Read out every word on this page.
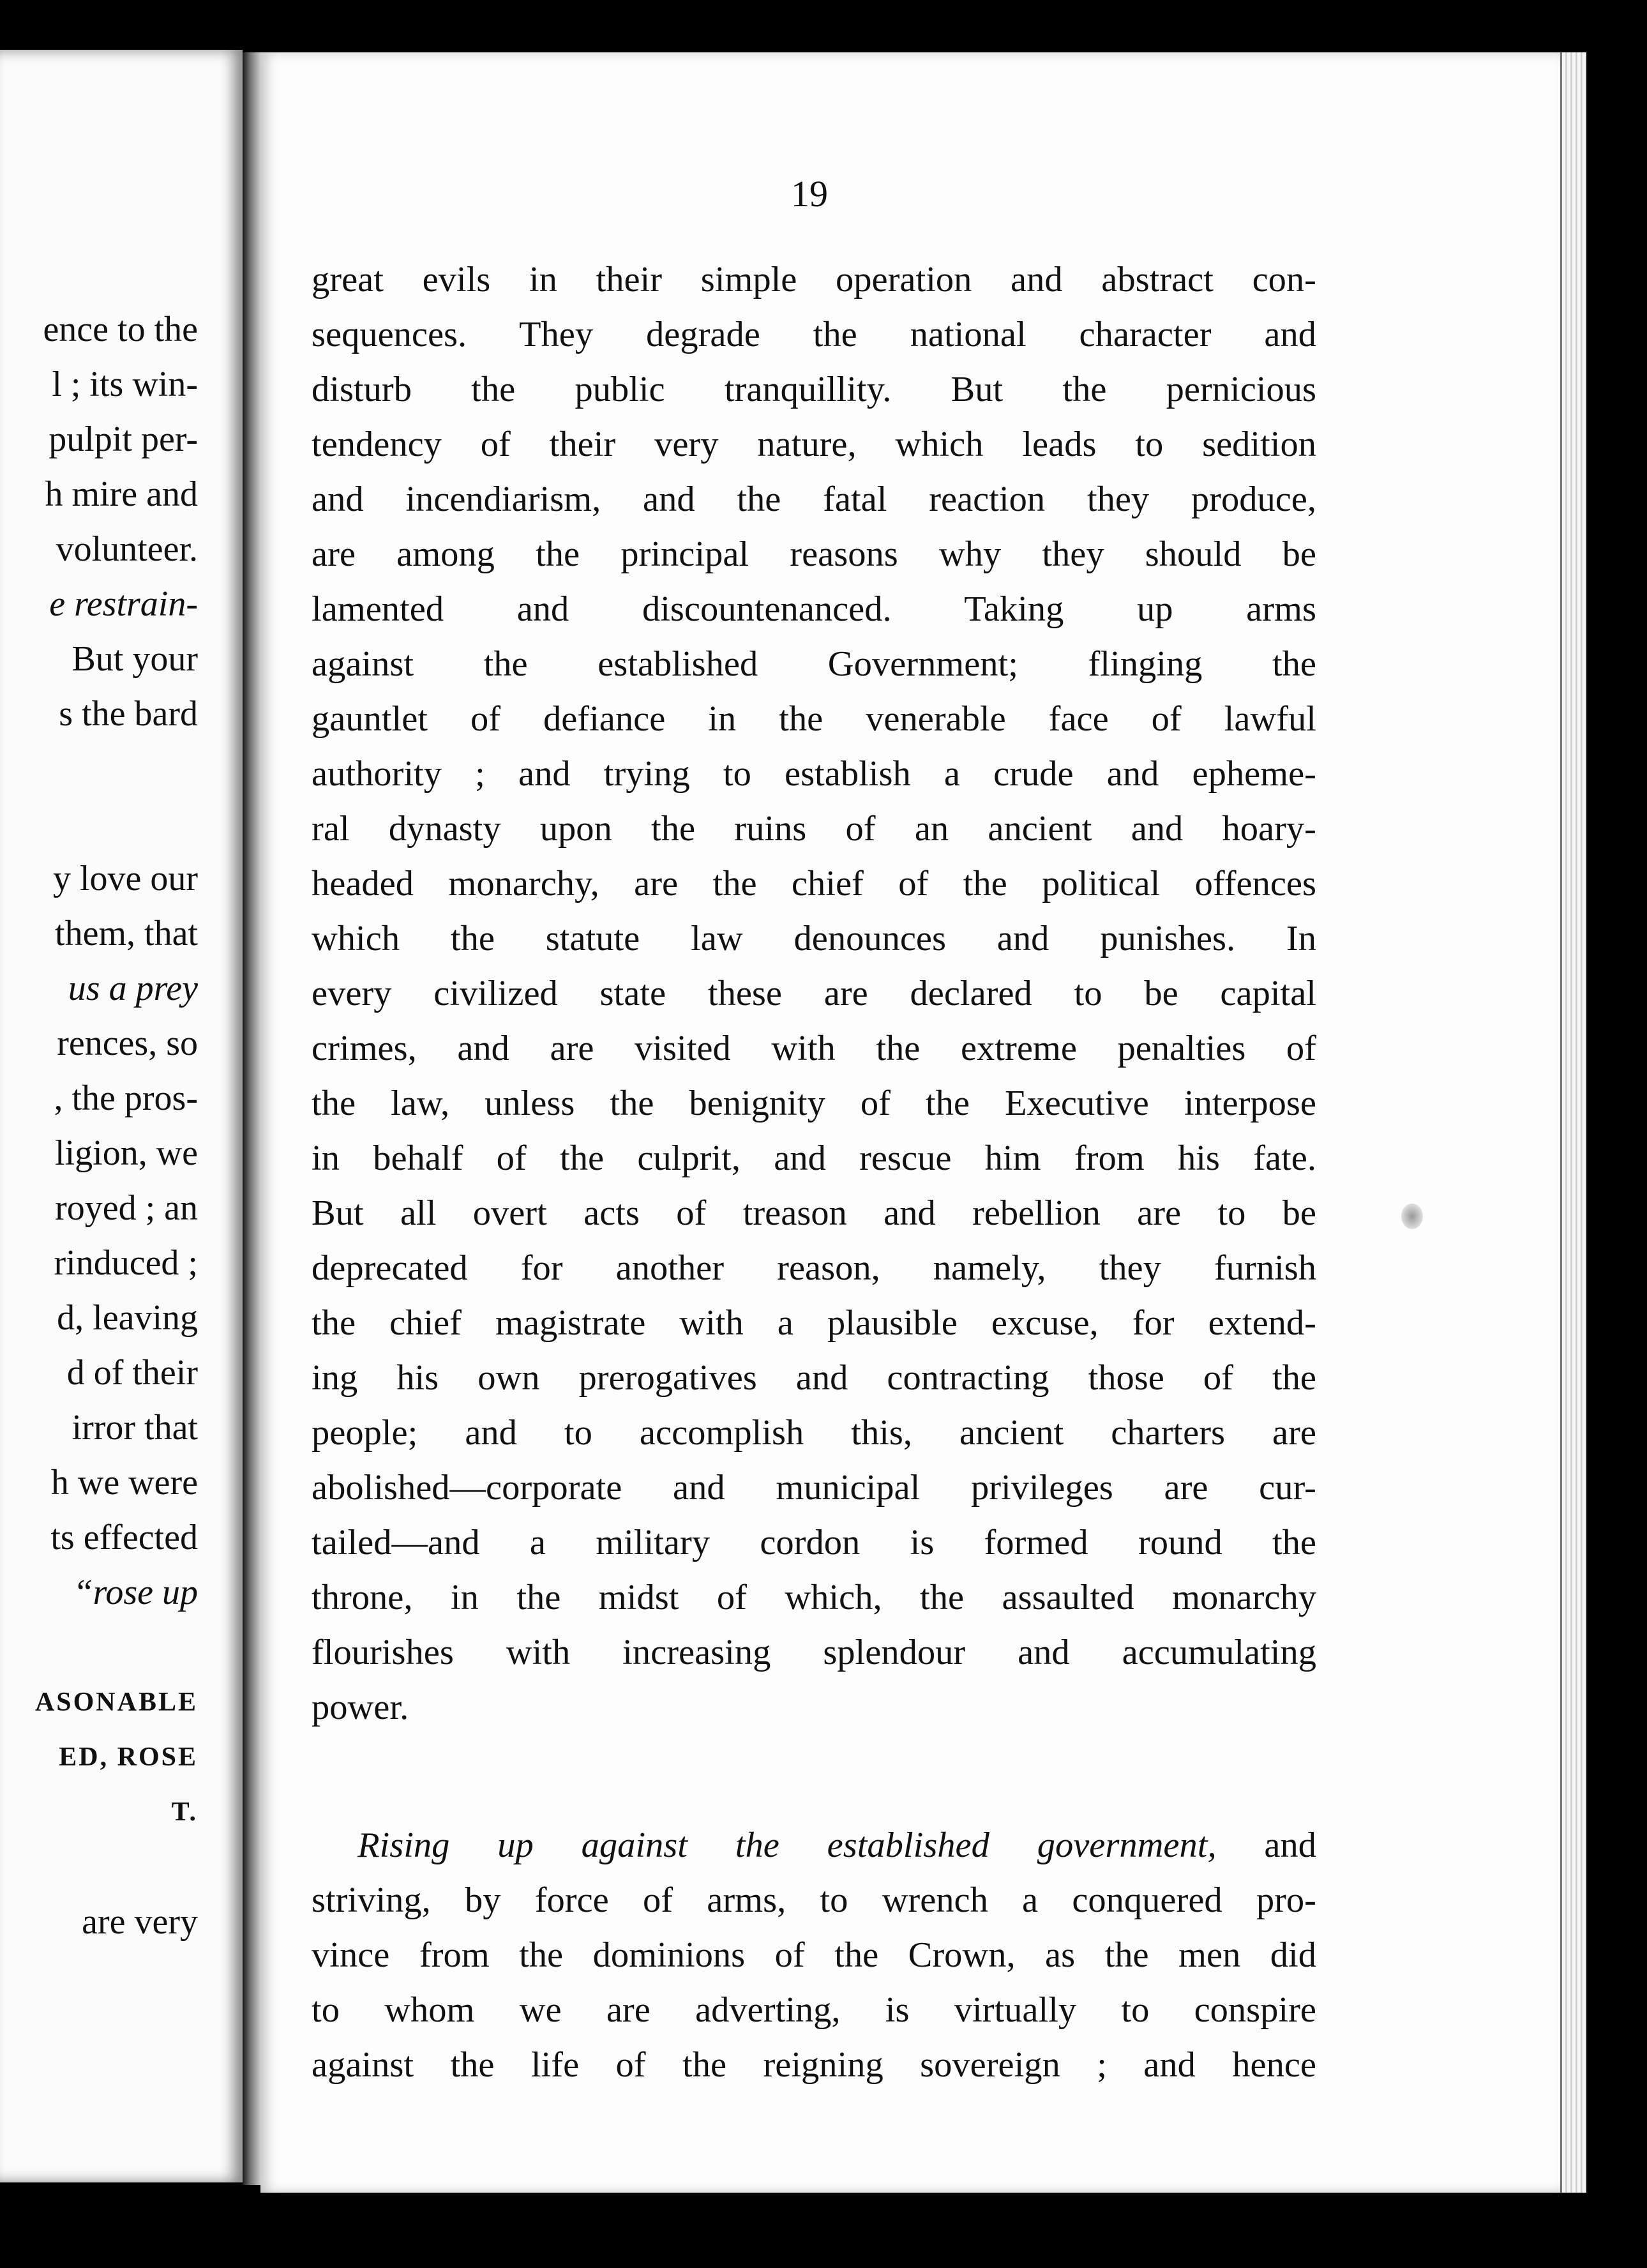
ence to the
l ; its win-
pulpit per-
h mire and
volunteer.
e restrain-
But your
s the bard
y love our
them, that
us a prey
rences, so
, the pros-
ligion, we
royed ; an
rinduced ;
d, leaving
d of their
irror that
h we were
ts effected
“rose up
ASONABLE
ED, ROSE
T.
are very
19
great evils in their simple operation and abstract con-
sequences. They degrade the national character and
disturb the public tranquillity. But the pernicious
tendency of their very nature, which leads to sedition
and incendiarism, and the fatal reaction they produce,
are among the principal reasons why they should be
lamented and discountenanced. Taking up arms
against the established Government; flinging the
gauntlet of defiance in the venerable face of lawful
authority ; and trying to establish a crude and epheme-
ral dynasty upon the ruins of an ancient and hoary-
headed monarchy, are the chief of the political offences
which the statute law denounces and punishes. In
every civilized state these are declared to be capital
crimes, and are visited with the extreme penalties of
the law, unless the benignity of the Executive interpose
in behalf of the culprit, and rescue him from his fate.
But all overt acts of treason and rebellion are to be
deprecated for another reason, namely, they furnish
the chief magistrate with a plausible excuse, for extend-
ing his own prerogatives and contracting those of the
people; and to accomplish this, ancient charters are
abolished—corporate and municipal privileges are cur-
tailed—and a military cordon is formed round the
throne, in the midst of which, the assaulted monarchy
flourishes with increasing splendour and accumulating
power.
Rising up against the established government, and
striving, by force of arms, to wrench a conquered pro-
vince from the dominions of the Crown, as the men did
to whom we are adverting, is virtually to conspire
against the life of the reigning sovereign ; and hence
